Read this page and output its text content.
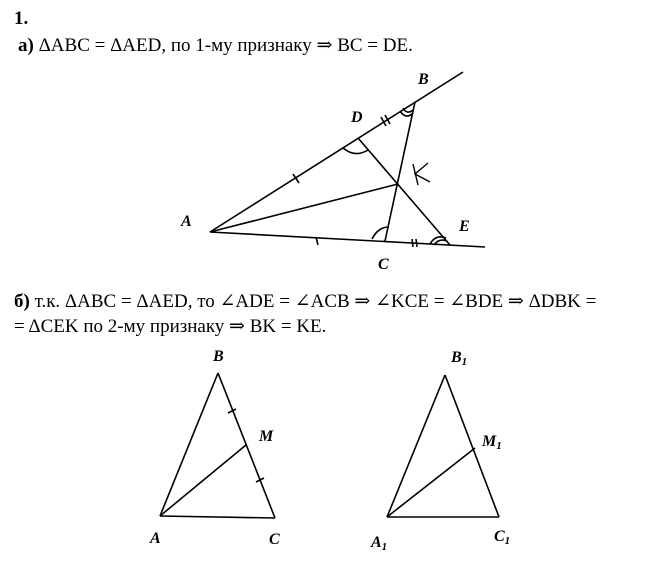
1.
а) ΔABC = ΔAED, по 1-му признаку ⇒ BC = DE.
б) т.к. ΔABC = ΔAED, то ∠ADE = ∠ACB ⇒ ∠KCE = ∠BDE ⇒ ΔDBK =
= ΔCEK по 2-му признаку ⇒ BK = KE.
A
B
C
D
E
A
B
C
M
A1
B1
C1
M1
